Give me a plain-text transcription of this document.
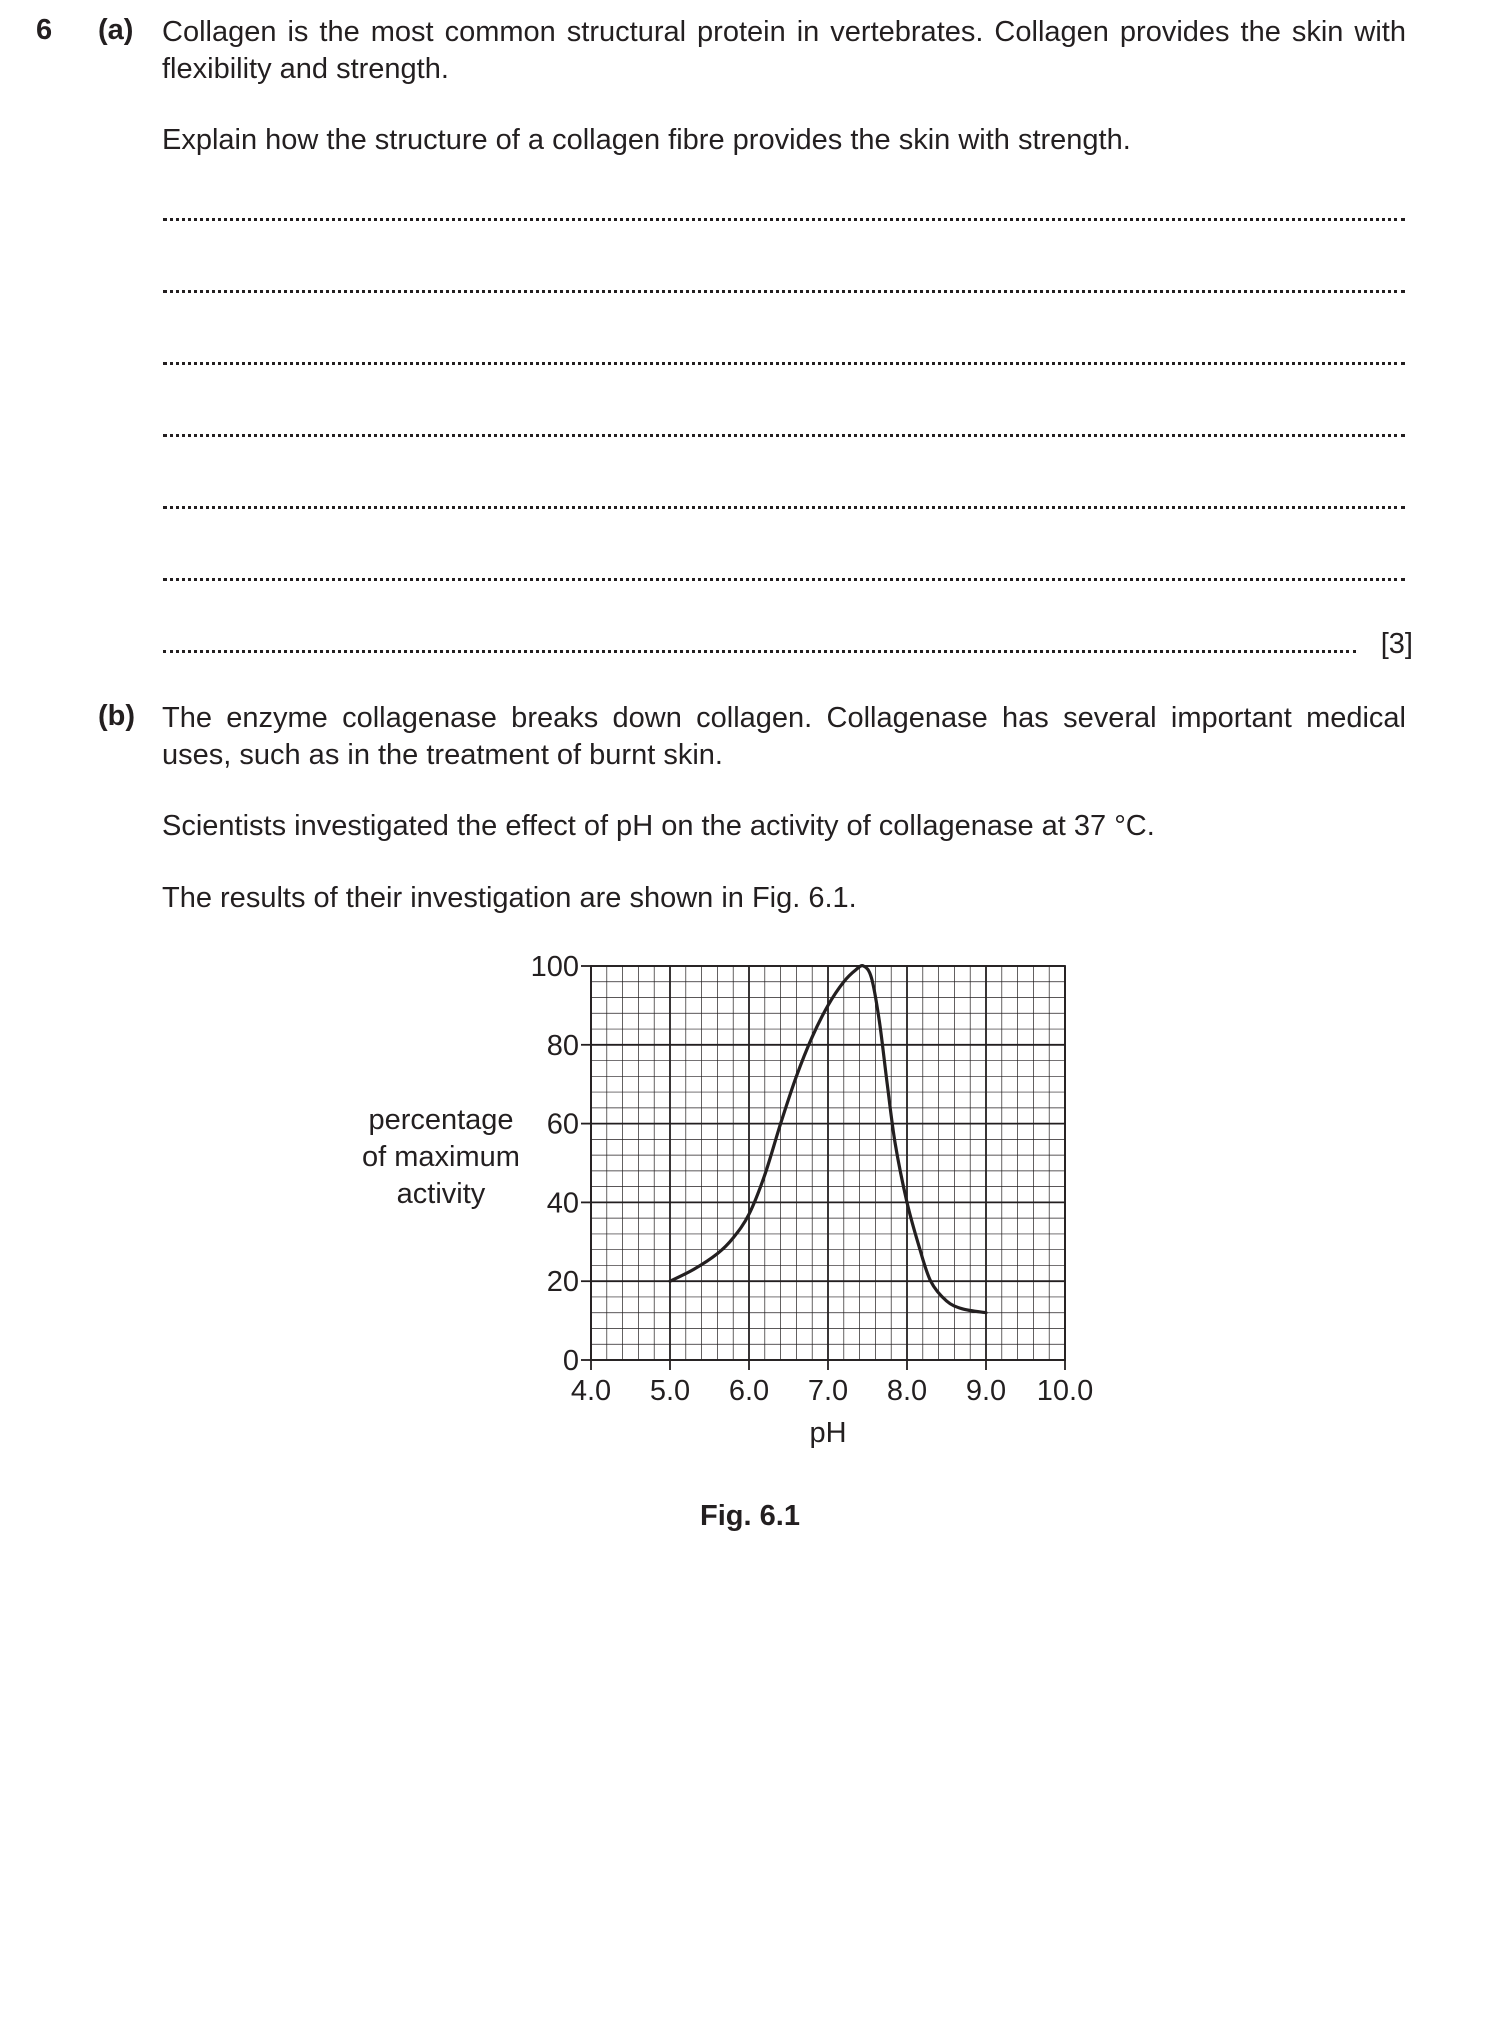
6 (a) Collagen is the most common structural protein in vertebrates. Collagen provides the skin with flexibility and strength.
Explain how the structure of a collagen fibre provides the skin with strength.
[3]
(b) The enzyme collagenase breaks down collagen. Collagenase has several important medical uses, such as in the treatment of burnt skin.
Scientists investigated the effect of pH on the activity of collagenase at 37 °C.
The results of their investigation are shown in Fig. 6.1.
4.0 5.0 6.0 7.0 8.0 9.0 10.0
0
20
40
60
80
100
pH
percentage of maximum activity
Fig. 6.1
